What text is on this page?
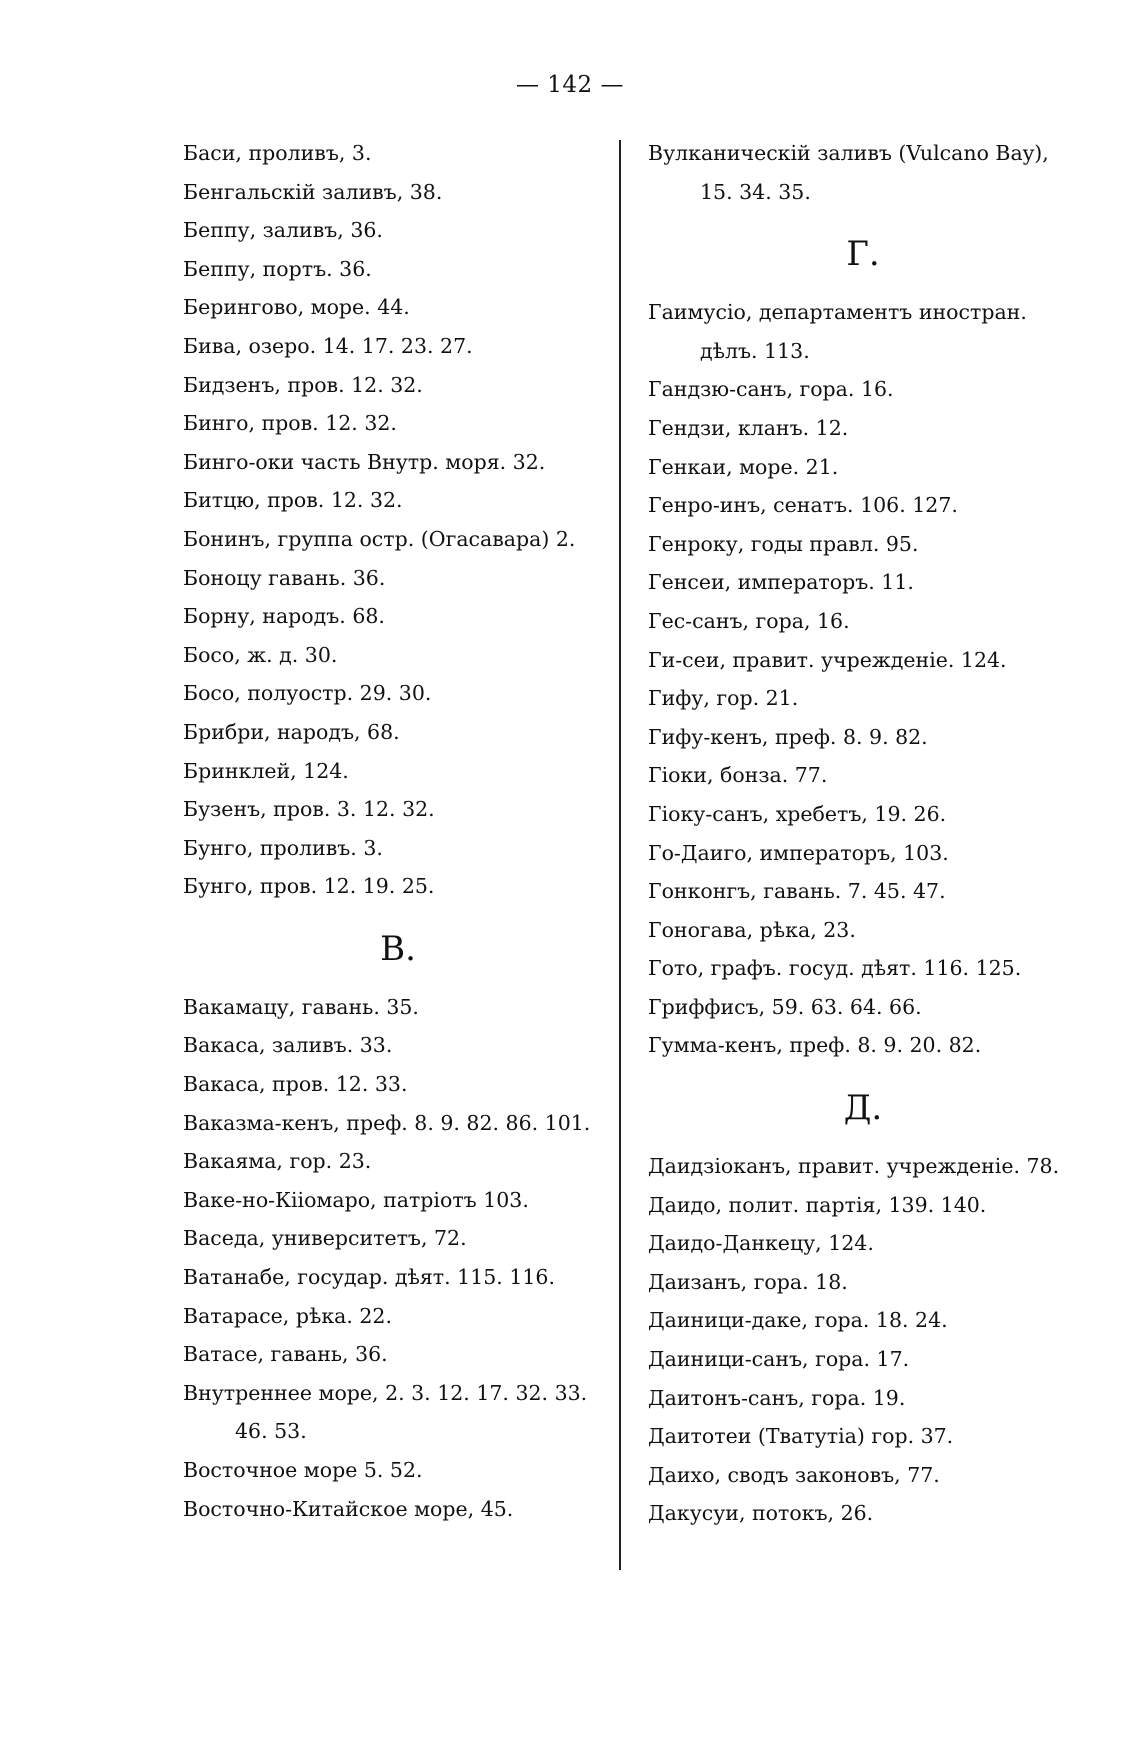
— 142 —
Баси, проливъ, 3.
Бенгальскій заливъ, 38.
Беппу, заливъ, 36.
Беппу, портъ. 36.
Берингово, море. 44.
Бива, озеро. 14. 17. 23. 27.
Бидзенъ, пров. 12. 32.
Бинго, пров. 12. 32.
Бинго-оки часть Внутр. моря. 32.
Битцю, пров. 12. 32.
Бонинъ, группа остр. (Огасавара) 2.
Боноцу гавань. 36.
Борну, народъ. 68.
Босо, ж. д. 30.
Босо, полуостр. 29. 30.
Брибри, народъ, 68.
Бринклей, 124.
Бузенъ, пров. 3. 12. 32.
Бунго, проливъ. 3.
Бунго, пров. 12. 19. 25.
В.
Вакамацу, гавань. 35.
Вакаса, заливъ. 33.
Вакаса, пров. 12. 33.
Ваказма-кенъ, преф. 8. 9. 82. 86. 101.
Вакаяма, гор. 23.
Ваке-но-Кііомаро, патріотъ 103.
Васеда, университетъ, 72.
Ватанабе, государ. дѣят. 115. 116.
Ватарасе, рѣка. 22.
Ватасе, гавань, 36.
Внутреннее море, 2. 3. 12. 17. 32. 33.
46. 53.
Восточное море 5. 52.
Восточно-Китайское море, 45.
Вулканическій заливъ (Vulcano Bay),
15. 34. 35.
Г.
Гаимусіо, департаментъ иностран.
дѣлъ. 113.
Гандзю-санъ, гора. 16.
Гендзи, кланъ. 12.
Генкаи, море. 21.
Генро-инъ, сенатъ. 106. 127.
Генроку, годы правл. 95.
Генсеи, императоръ. 11.
Гес-санъ, гора, 16.
Ги-сеи, правит. учрежденіе. 124.
Гифу, гор. 21.
Гифу-кенъ, преф. 8. 9. 82.
Гіоки, бонза. 77.
Гіоку-санъ, хребетъ, 19. 26.
Го-Даиго, императоръ, 103.
Гонконгъ, гавань. 7. 45. 47.
Гоногава, рѣка, 23.
Гото, графъ. госуд. дѣят. 116. 125.
Гриффисъ, 59. 63. 64. 66.
Гумма-кенъ, преф. 8. 9. 20. 82.
Д.
Даидзіоканъ, правит. учрежденіе. 78.
Даидо, полит. партія, 139. 140.
Даидо-Данкецу, 124.
Даизанъ, гора. 18.
Даиници-даке, гора. 18. 24.
Даиници-санъ, гора. 17.
Даитонъ-санъ, гора. 19.
Даитотеи (Тватутіа) гор. 37.
Даихо, сводъ законовъ, 77.
Дакусуи, потокъ, 26.
